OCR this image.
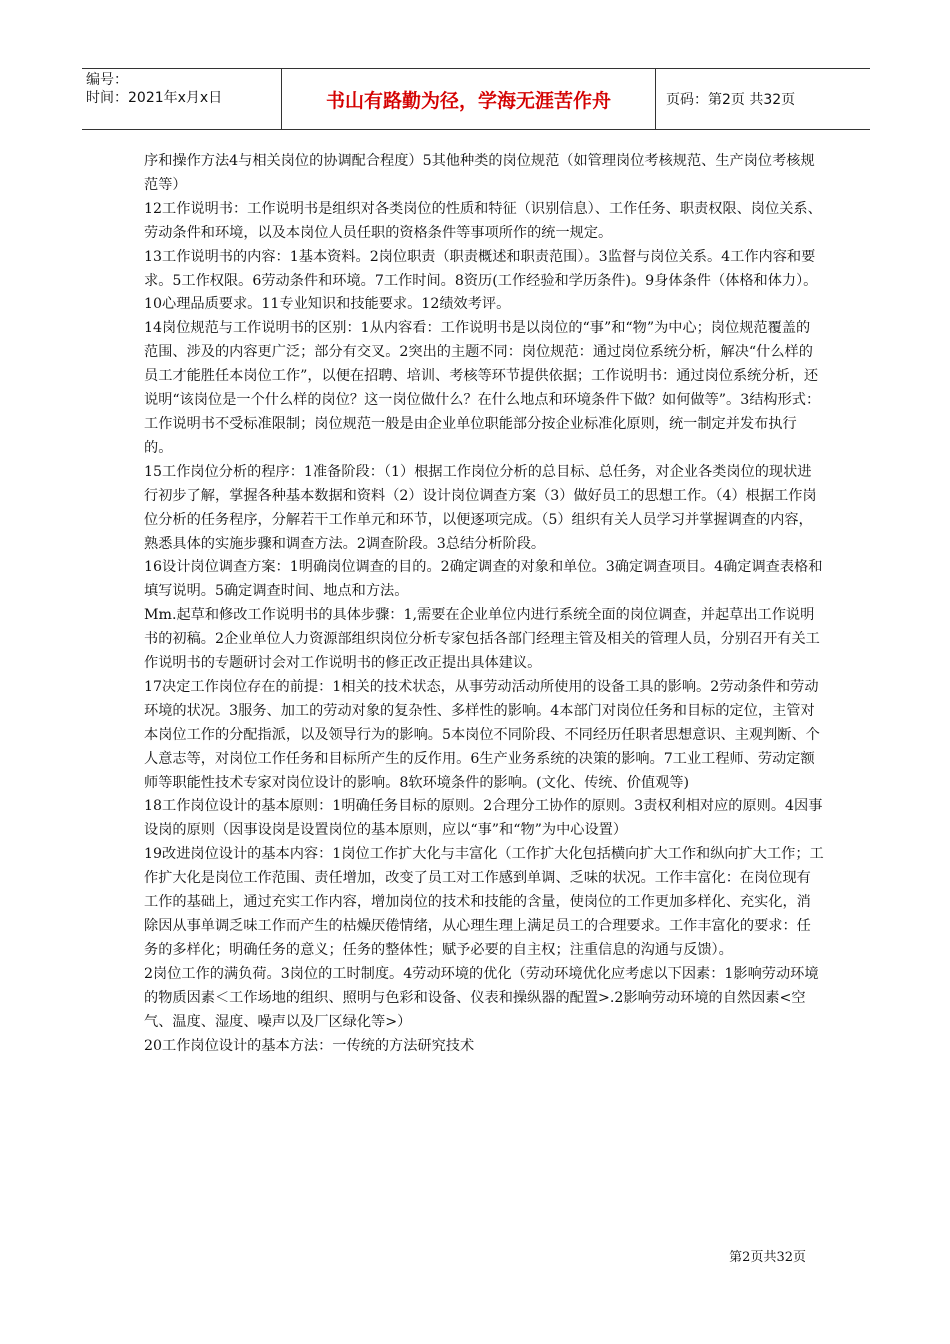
编号：
时间：2021年x月x日	书山有路勤为径，学海无涯苦作舟	页码：第2页 共32页

序和操作方法4与相关岗位的协调配合程度）5其他种类的岗位规范（如管理岗位考核规范、生产岗位考核规范等）

12工作说明书：工作说明书是组织对各类岗位的性质和特征（识别信息）、工作任务、职责权限、岗位关系、劳动条件和环境，以及本岗位人员任职的资格条件等事项所作的统一规定。

13工作说明书的内容：1基本资料。2岗位职责（职责概述和职责范围）。3监督与岗位关系。4工作内容和要求。5工作权限。6劳动条件和环境。7工作时间。8资历(工作经验和学历条件)。9身体条件（体格和体力）。10心理品质要求。11专业知识和技能要求。12绩效考评。

14岗位规范与工作说明书的区别：1从内容看：工作说明书是以岗位的“事”和“物”为中心；岗位规范覆盖的范围、涉及的内容更广泛；部分有交叉。2突出的主题不同：岗位规范：通过岗位系统分析，解决“什么样的员工才能胜任本岗位工作”，以便在招聘、培训、考核等环节提供依据；工作说明书：通过岗位系统分析，还说明“该岗位是一个什么样的岗位？这一岗位做什么？在什么地点和环境条件下做？如何做等”。3结构形式：工作说明书不受标准限制；岗位规范一般是由企业单位职能部分按企业标准化原则，统一制定并发布执行的。

15工作岗位分析的程序：1准备阶段：（1）根据工作岗位分析的总目标、总任务，对企业各类岗位的现状进行初步了解，掌握各种基本数据和资料（2）设计岗位调查方案（3）做好员工的思想工作。（4）根据工作岗位分析的任务程序，分解若干工作单元和环节，以便逐项完成。（5）组织有关人员学习并掌握调查的内容，熟悉具体的实施步骤和调查方法。2调查阶段。3总结分析阶段。

16设计岗位调查方案：1明确岗位调查的目的。2确定调查的对象和单位。3确定调查项目。4确定调查表格和填写说明。5确定调查时间、地点和方法。

Mm.起草和修改工作说明书的具体步骤：1,需要在企业单位内进行系统全面的岗位调查，并起草出工作说明书的初稿。2企业单位人力资源部组织岗位分析专家包括各部门经理主管及相关的管理人员，分别召开有关工作说明书的专题研讨会对工作说明书的修正改正提出具体建议。

17决定工作岗位存在的前提：1相关的技术状态，从事劳动活动所使用的设备工具的影响。2劳动条件和劳动环境的状况。3服务、加工的劳动对象的复杂性、多样性的影响。4本部门对岗位任务和目标的定位，主管对本岗位工作的分配指派，以及领导行为的影响。5本岗位不同阶段、不同经历任职者思想意识、主观判断、个人意志等，对岗位工作任务和目标所产生的反作用。6生产业务系统的决策的影响。7工业工程师、劳动定额师等职能性技术专家对岗位设计的影响。8软环境条件的影响。(文化、传统、价值观等)

18工作岗位设计的基本原则：1明确任务目标的原则。2合理分工协作的原则。3责权利相对应的原则。4因事设岗的原则（因事设岗是设置岗位的基本原则，应以“事”和“物”为中心设置）

19改进岗位设计的基本内容：1岗位工作扩大化与丰富化（工作扩大化包括横向扩大工作和纵向扩大工作；工作扩大化是岗位工作范围、责任增加，改变了员工对工作感到单调、乏味的状况。工作丰富化：在岗位现有工作的基础上，通过充实工作内容，增加岗位的技术和技能的含量，使岗位的工作更加多样化、充实化，消除因从事单调乏味工作而产生的枯燥厌倦情绪，从心理生理上满足员工的合理要求。工作丰富化的要求：任务的多样化；明确任务的意义；任务的整体性；赋予必要的自主权；注重信息的沟通与反馈）。

2岗位工作的满负荷。3岗位的工时制度。4劳动环境的优化（劳动环境优化应考虑以下因素：1影响劳动环境的物质因素＜工作场地的组织、照明与色彩和设备、仪表和操纵器的配置>.2影响劳动环境的自然因素<空气、温度、湿度、噪声以及厂区绿化等>）

20工作岗位设计的基本方法：一传统的方法研究技术

第2页共32页
